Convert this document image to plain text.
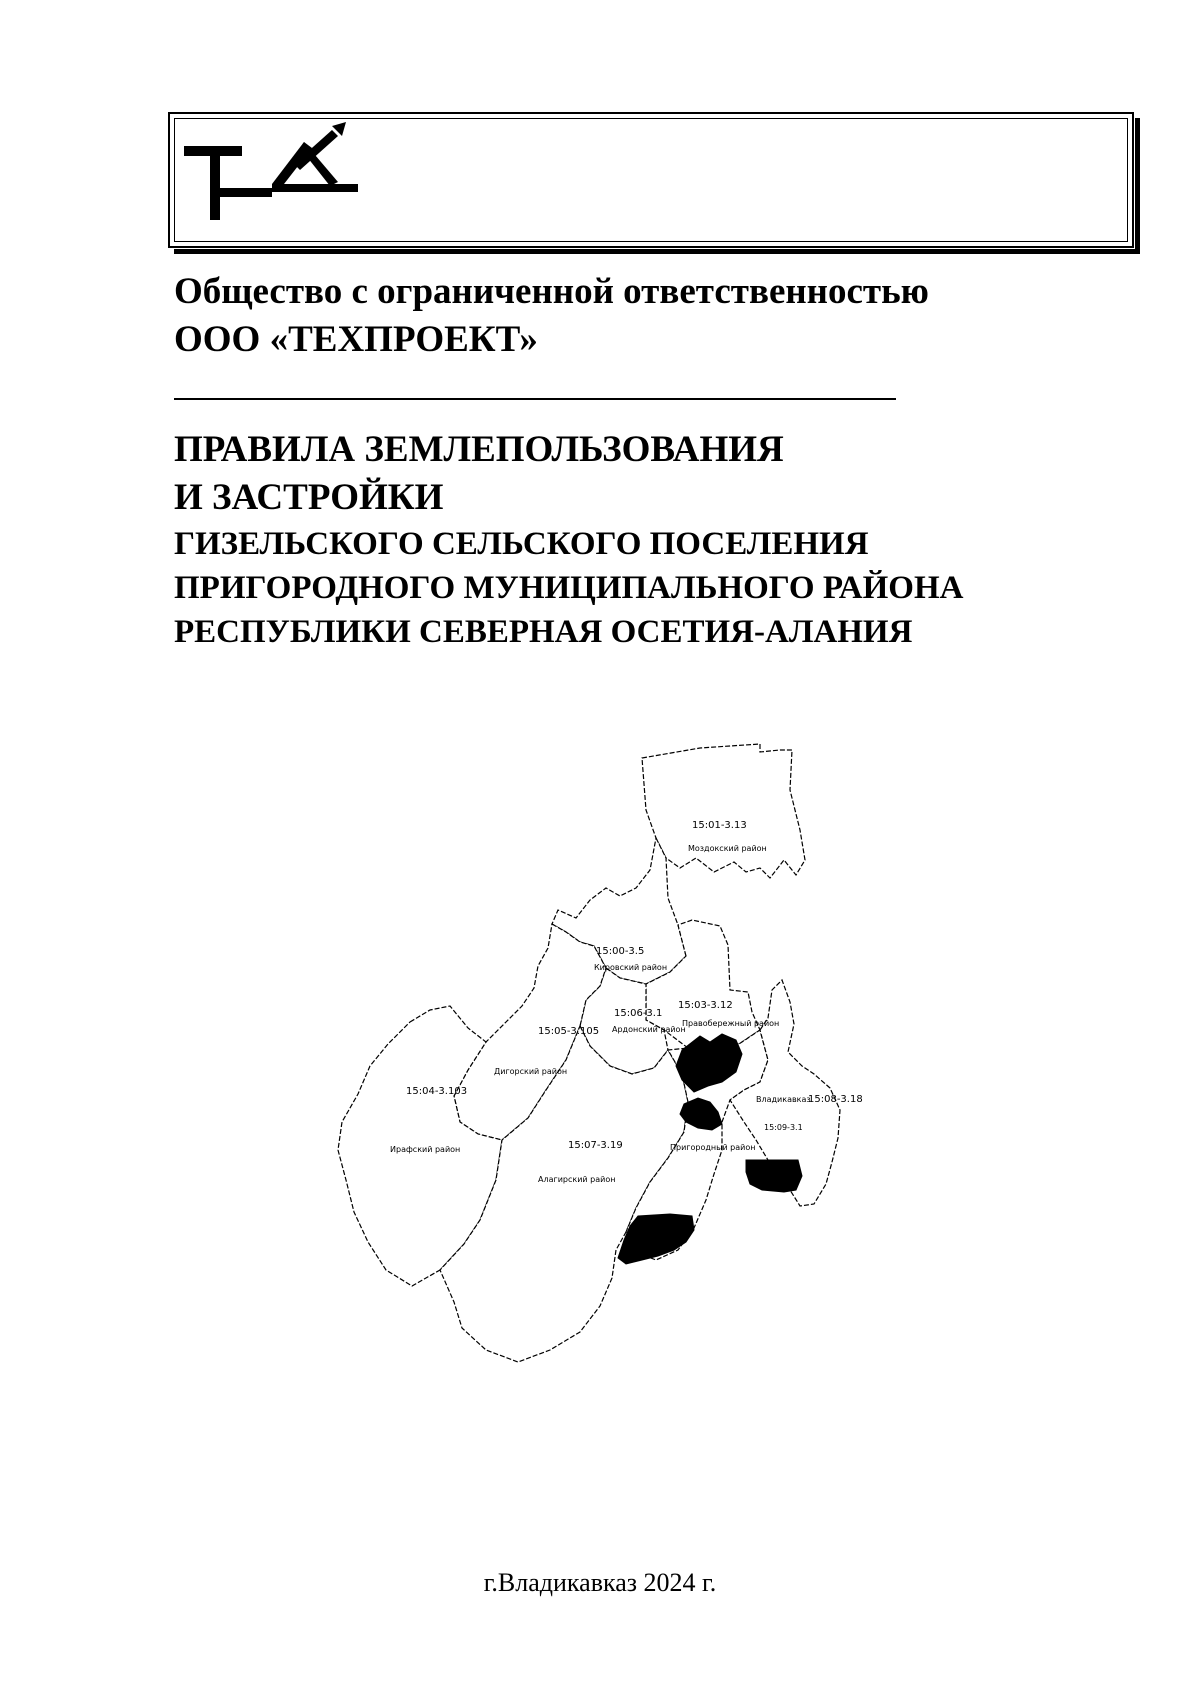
Общество с ограниченной ответственностью
ООО «ТЕХПРОЕКТ»
ПРАВИЛА ЗЕМЛЕПОЛЬЗОВАНИЯ
И ЗАСТРОЙКИ
ГИЗЕЛЬСКОГО СЕЛЬСКОГО ПОСЕЛЕНИЯ
ПРИГОРОДНОГО МУНИЦИПАЛЬНОГО РАЙОНА
РЕСПУБЛИКИ СЕВЕРНАЯ ОСЕТИЯ-АЛАНИЯ
15:01-3.13
Моздокский район
15:00-3.5
Кировский район
15:03-3.12
Правобережный район
15:06-3.1
Ардонский район
15:05-3.105
Дигорский район
15:04-3.103
Ирафский район	15:07-3.19
Алагирский район
15:08-3.18
Пригородный район
15:09-3.1
Владикавказ
г.Владикавказ 2024 г.
